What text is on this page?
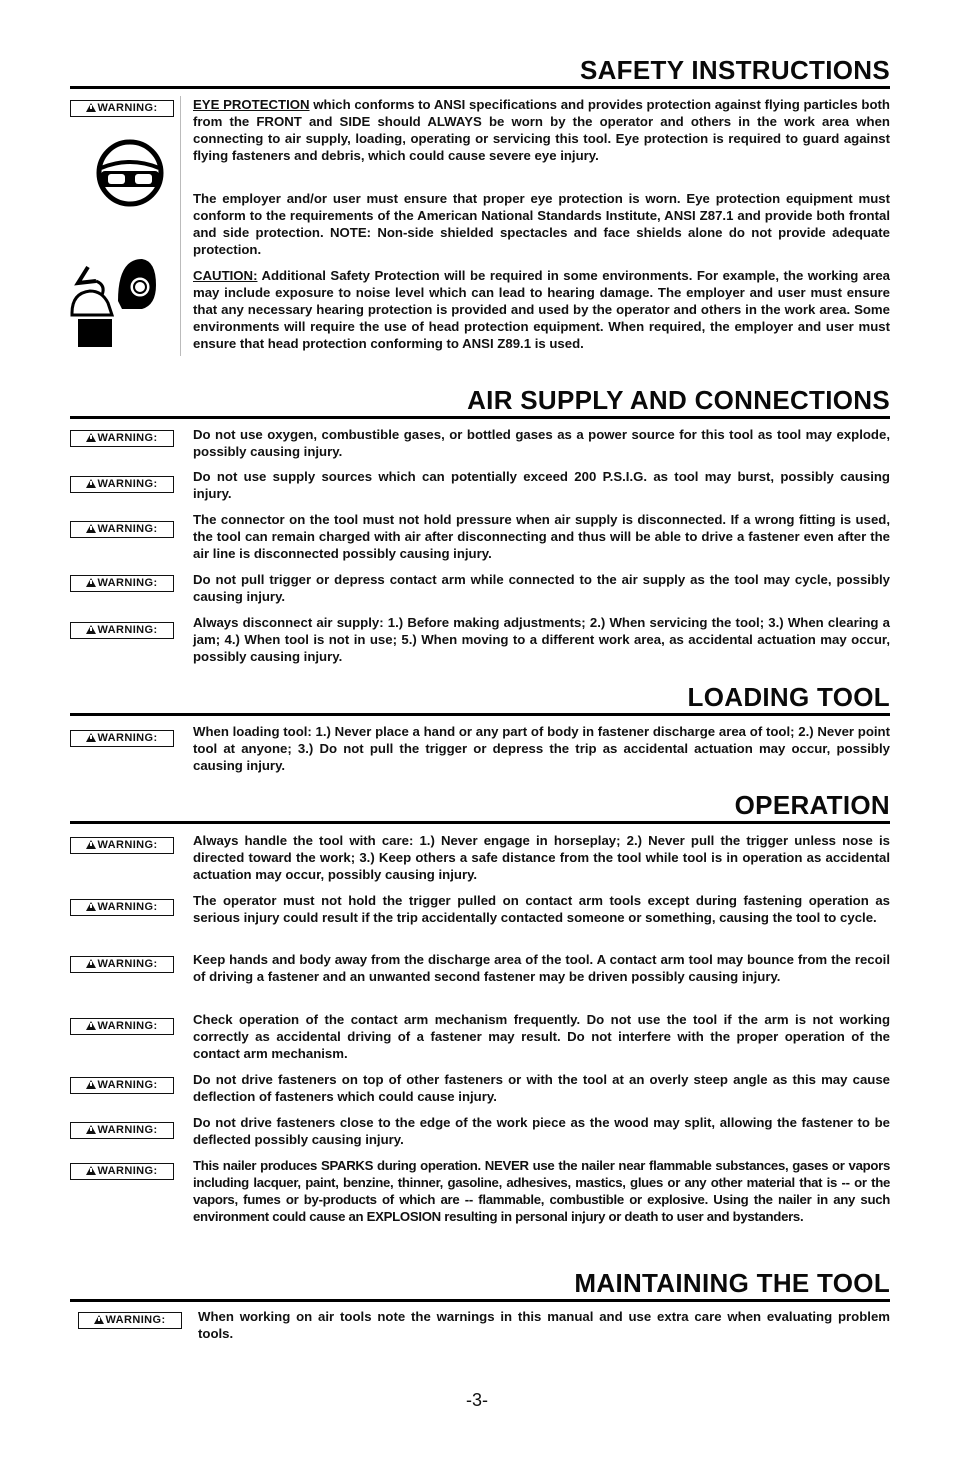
SAFETY INSTRUCTIONS
WARNING:	EYE PROTECTION which conforms to ANSI specifications and provides protection against flying particles both from the FRONT and SIDE should ALWAYS be worn by the operator and others in the work area when connecting to air supply, loading, operating or servicing this tool. Eye protection is required to guard against flying fasteners and debris, which could cause severe eye injury.
The employer and/or user must ensure that proper eye protection is worn. Eye protection equipment must conform to the requirements of the American National Standards Institute, ANSI Z87.1 and provide both frontal and side protection. NOTE: Non-side shielded spectacles and face shields alone do not provide adequate protection.
CAUTION: Additional Safety Protection will be required in some environments. For example, the working area may include exposure to noise level which can lead to hearing damage. The employer and user must ensure that any necessary hearing protection is provided and used by the operator and others in the work area. Some environments will require the use of head protection equipment. When required, the employer and user must ensure that head protection conforming to ANSI Z89.1 is used.
AIR SUPPLY AND CONNECTIONS
WARNING:	Do not use oxygen, combustible gases, or bottled gases as a power source for this tool as tool may explode, possibly causing injury.
WARNING:	Do not use supply sources which can potentially exceed 200 P.S.I.G. as tool may burst, possibly causing injury.
WARNING:
The connector on the tool must not hold pressure when air supply is disconnected. If a wrong fitting is used, the tool can remain charged with air after disconnecting and thus will be able to drive a fastener even after the air line is disconnected possibly causing injury.
WARNING:	Do not pull trigger or depress contact arm while connected to the air supply as the tool may cycle, possibly causing injury.
WARNING:	Always disconnect air supply: 1.) Before making adjustments; 2.) When servicing the tool; 3.) When clearing a jam; 4.) When tool is not in use; 5.) When moving to a different work area, as accidental actuation may occur, possibly causing injury.
LOADING TOOL
WARNING:	When loading tool: 1.) Never place a hand or any part of body in fastener discharge area of tool; 2.) Never point tool at anyone; 3.) Do not pull the trigger or depress the trip as accidental actuation may occur, possibly causing injury.
OPERATION
WARNING:	Always handle the tool with care: 1.) Never engage in horseplay; 2.) Never pull the trigger unless nose is directed toward the work; 3.) Keep others a safe distance from the tool while tool is in operation as accidental actuation may occur, possibly causing injury.
WARNING:	The operator must not hold the trigger pulled on contact arm tools except during fastening operation as serious injury could result if the trip accidentally contacted someone or something, causing the tool to cycle.
WARNING:	Keep hands and body away from the discharge area of the tool. A contact arm tool may bounce from the recoil of driving a fastener and an unwanted second fastener may be driven possibly causing injury.
WARNING:	Check operation of the contact arm mechanism frequently. Do not use the tool if the arm is not working correctly as accidental driving of a fastener may result. Do not interfere with the proper operation of the contact arm mechanism.
WARNING:	Do not drive fasteners on top of other fasteners or with the tool at an overly steep angle as this may cause deflection of fasteners which could cause injury.
WARNING:	Do not drive fasteners close to the edge of the work piece as the wood may split, allowing the fastener to be deflected possibly causing injury.
WARNING:	This nailer produces SPARKS during operation. NEVER use the nailer near flammable substances, gases or vapors including lacquer, paint, benzine, thinner, gasoline, adhesives, mastics, glues or any other material that is -- or the vapors, fumes or by-products of which are -- flammable, combustible or explosive. Using the nailer in any such environment could cause an EXPLOSION resulting in personal injury or death to user and bystanders.
MAINTAINING THE TOOL
WARNING:	When working on air tools note the warnings in this manual and use extra care when evaluating problem tools.
-3-
